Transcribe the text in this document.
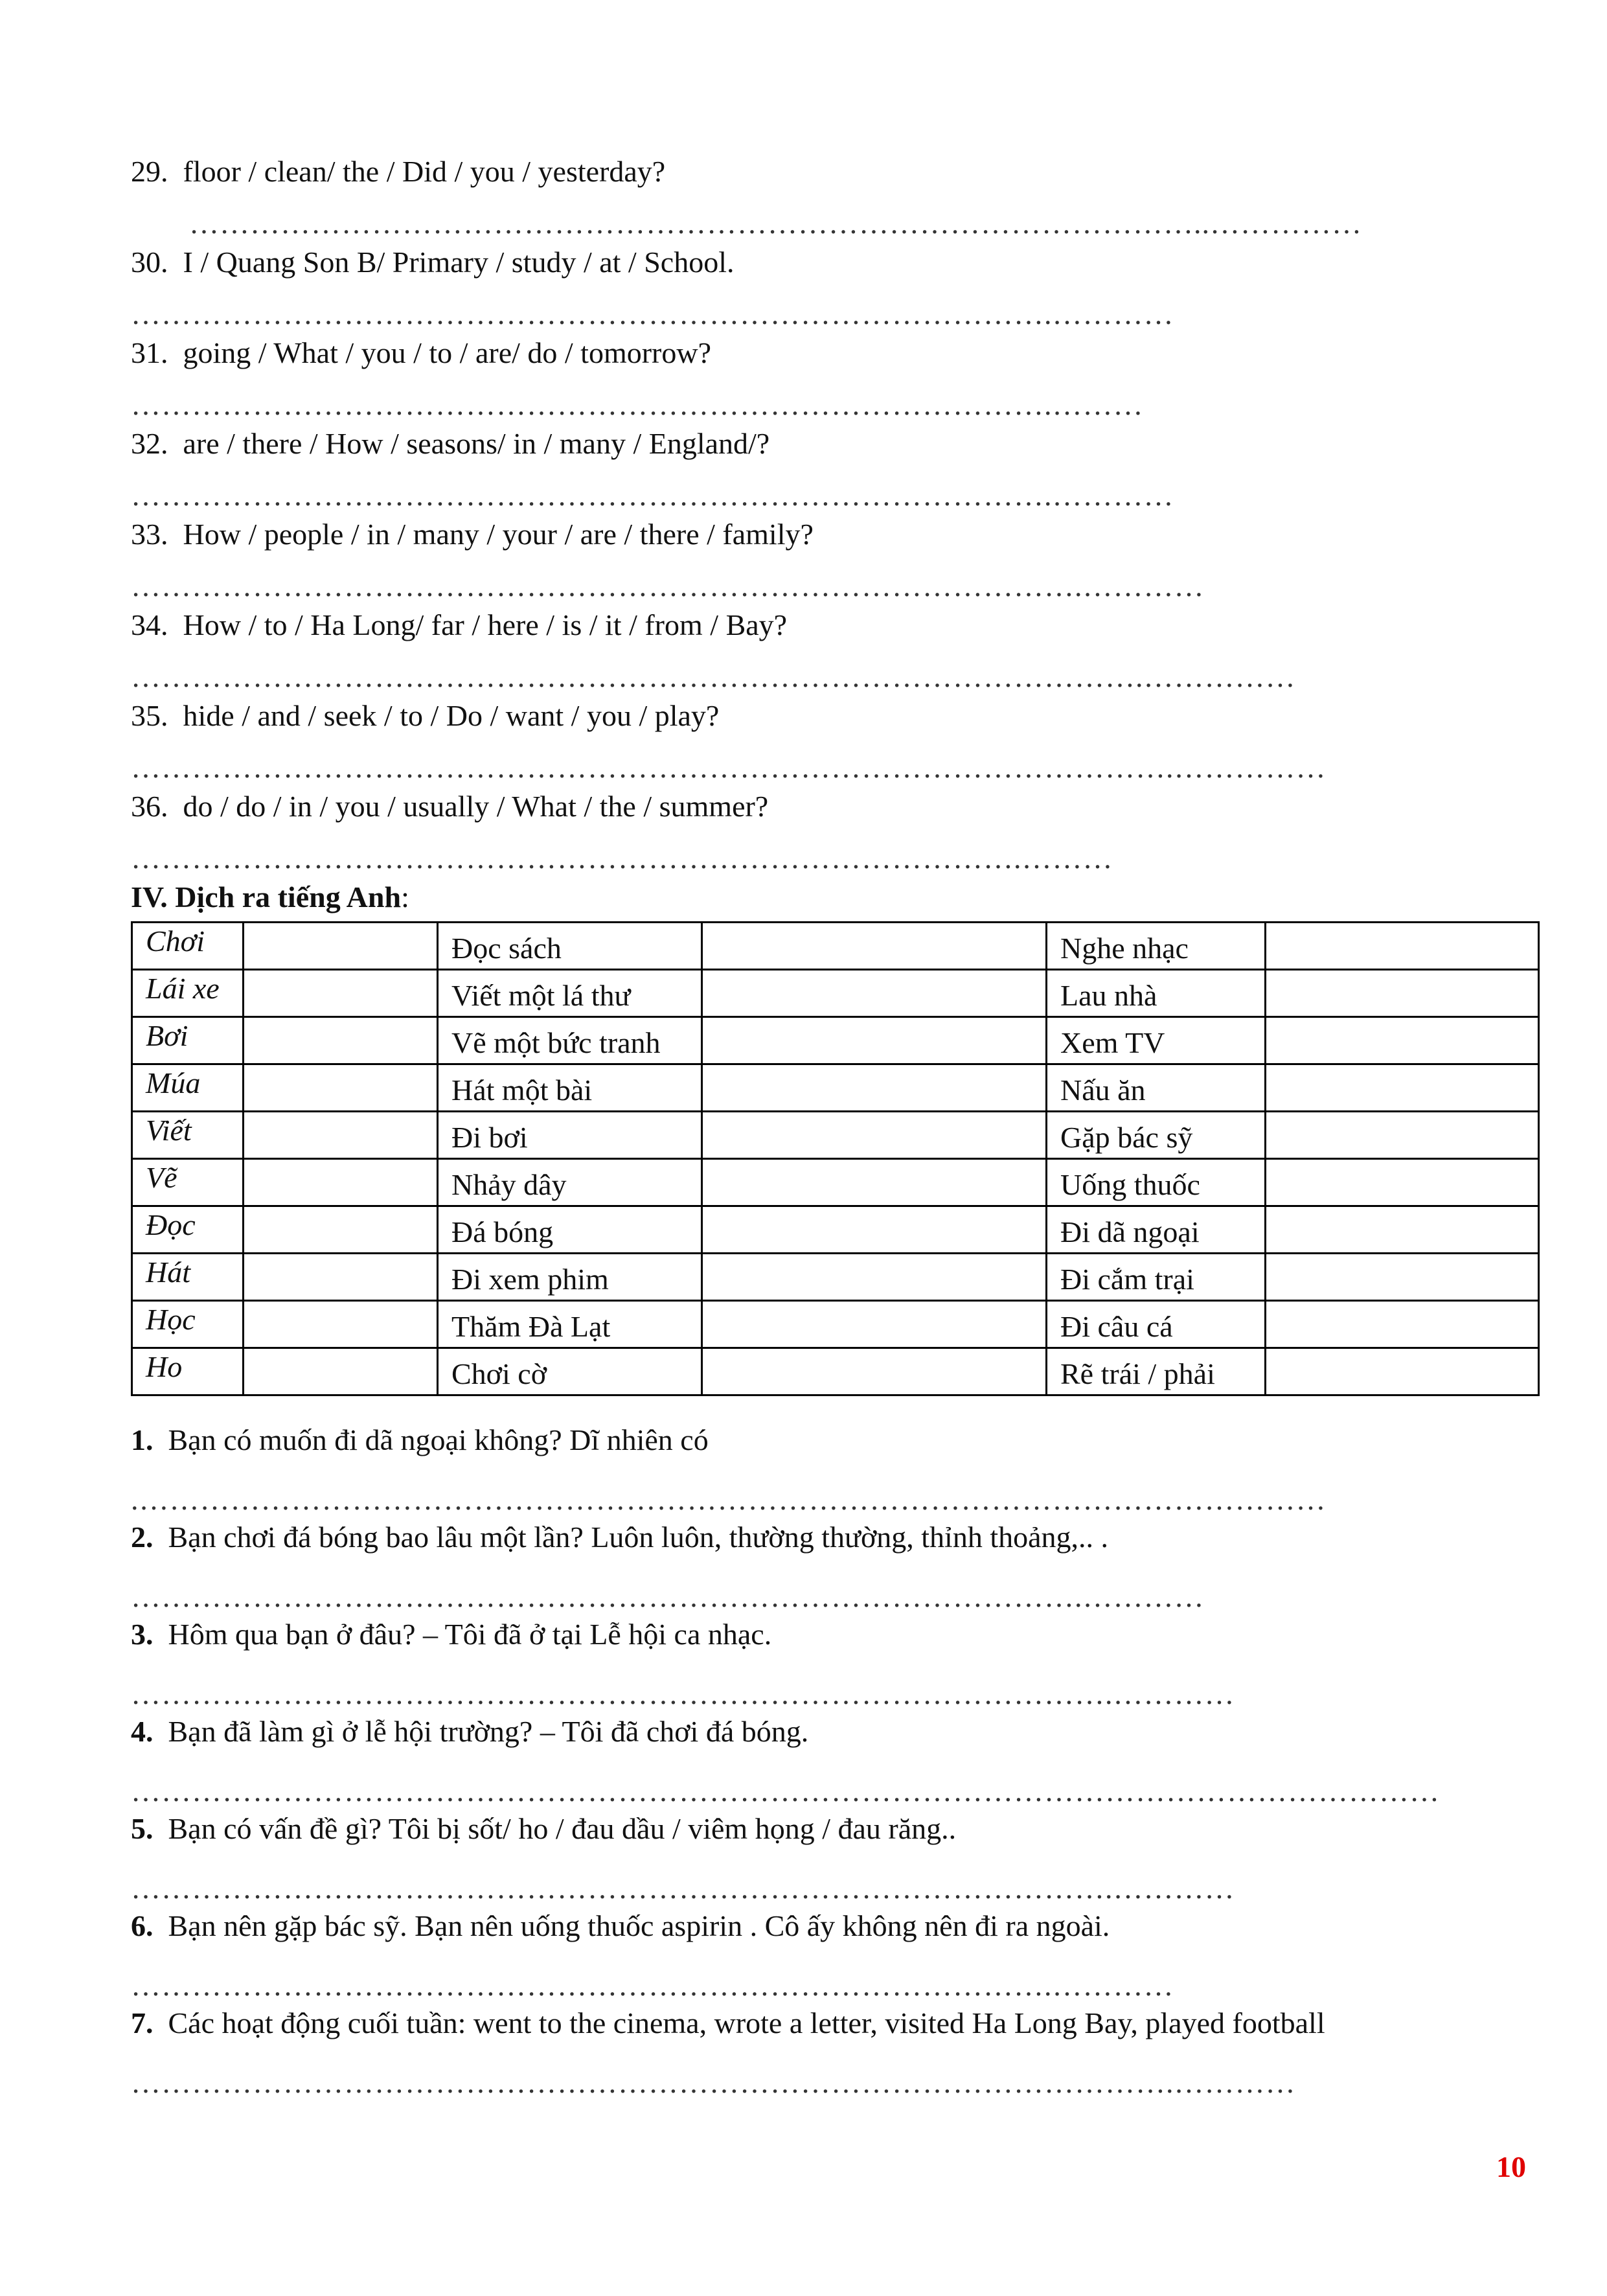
29. floor / clean/ the / Did / you / yesterday?
………………………………………………………………………………………..……………
30. I / Quang Son B/ Primary / study / at / School.
……………………………………………………………………………….…………
31. going / What / you / to / are/ do / tomorrow?
……………………………………………………………………………….………
32. are / there / How / seasons/ in / many / England/?
……………………………………………………………………………….…………
33. How / people / in / many / your / are / there / family?
………………………………………………………………………………….…………
34. How / to / Ha Long/ far / here / is / it / from / Bay?
……………………………………………………………………………………….……………
35. hide / and / seek / to / Do / want / you / play?
………………………………………………………………………………………….……………
36. do / do / in / you / usually / What / the / summer?
…………………………………………………………………………….………
IV. Dịch ra tiếng Anh:
Chơi		Đọc sách		Nghe nhạc	
Lái xe		Viết một lá thư		Lau nhà	
Bơi		Vẽ một bức tranh		Xem TV	
Múa		Hát một bài		Nấu ăn	
Viết		Đi bơi		Gặp bác sỹ	
Vẽ		Nhảy dây		Uống thuốc	
Đọc		Đá bóng		Đi dã ngoại	
Hát		Đi xem phim		Đi cắm trại	
Học		Thăm Đà Lạt		Đi câu cá	
Ho		Chơi cờ		Rẽ trái / phải	
1. Bạn có muốn đi dã ngoại không? Dĩ nhiên có
.………………………………………………………………………………………………………
2. Bạn chơi đá bóng bao lâu một lần? Luôn luôn, thường thường, thỉnh thoảng,.. .
………………………………………………………………………………….…………
3. Hôm qua bạn ở đâu? – Tôi đã ở tại Lễ hội ca nhạc.
…………………………………………………………………………………….…………
4. Bạn đã làm gì ở lễ hội trường? – Tôi đã chơi đá bóng.
…………………………………………………………………………………………………………………
5. Bạn có vấn đề gì? Tôi bị sốt/ ho / đau dầu / viêm họng / đau răng..
…………………………………………………………………………………….…………
6. Bạn nên gặp bác sỹ. Bạn nên uống thuốc aspirin . Cô ấy không nên đi ra ngoài.
……………………………………………………………………………….…………
7. Các hoạt động cuối tuần: went to the cinema, wrote a letter, visited Ha Long Bay, played football
………………………………………………………………………………………….…………
10
